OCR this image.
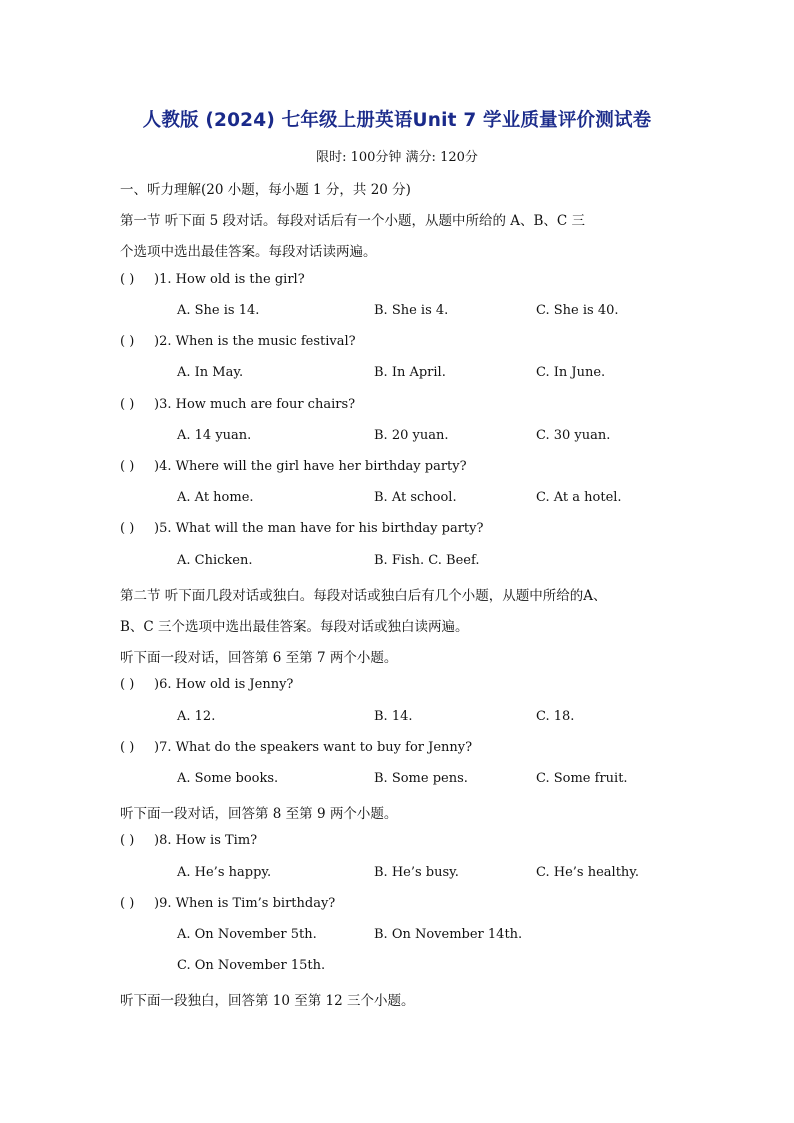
人教版 (2024) 七年级上册英语Unit 7 学业质量评价测试卷
限时: 100分钟 满分: 120分
一、听力理解(20 小题，每小题 1 分，共 20 分)
第一节 听下面 5 段对话。每段对话后有一个小题，从题中所给的 A、B、C 三
个选项中选出最佳答案。每段对话读两遍。
( ) )1. How old is the girl?
A. She is 14.	B. She is 4.	C. She is 40.
( ) )2. When is the music festival?
A. In May.	B. In April.	C. In June.
( ) )3. How much are four chairs?
A. 14 yuan.	B. 20 yuan.	C. 30 yuan.
( ) )4. Where will the girl have her birthday party?
A. At home.	B. At school.	C. At a hotel.
( ) )5. What will the man have for his birthday party?
A. Chicken.	B. Fish. C. Beef.
第二节 听下面几段对话或独白。每段对话或独白后有几个小题，从题中所给的A、
B、C 三个选项中选出最佳答案。每段对话或独白读两遍。
听下面一段对话，回答第 6 至第 7 两个小题。
( ) )6. How old is Jenny?
A. 12.	B. 14.	C. 18.
( ) )7. What do the speakers want to buy for Jenny?
A. Some books.	B. Some pens.	C. Some fruit.
听下面一段对话，回答第 8 至第 9 两个小题。
( ) )8. How is Tim?
A. He’s happy.	B. He’s busy.	C. He’s healthy.
( ) )9. When is Tim’s birthday?
A. On November 5th.	B. On November 14th.
C. On November 15th.
听下面一段独白，回答第 10 至第 12 三个小题。
